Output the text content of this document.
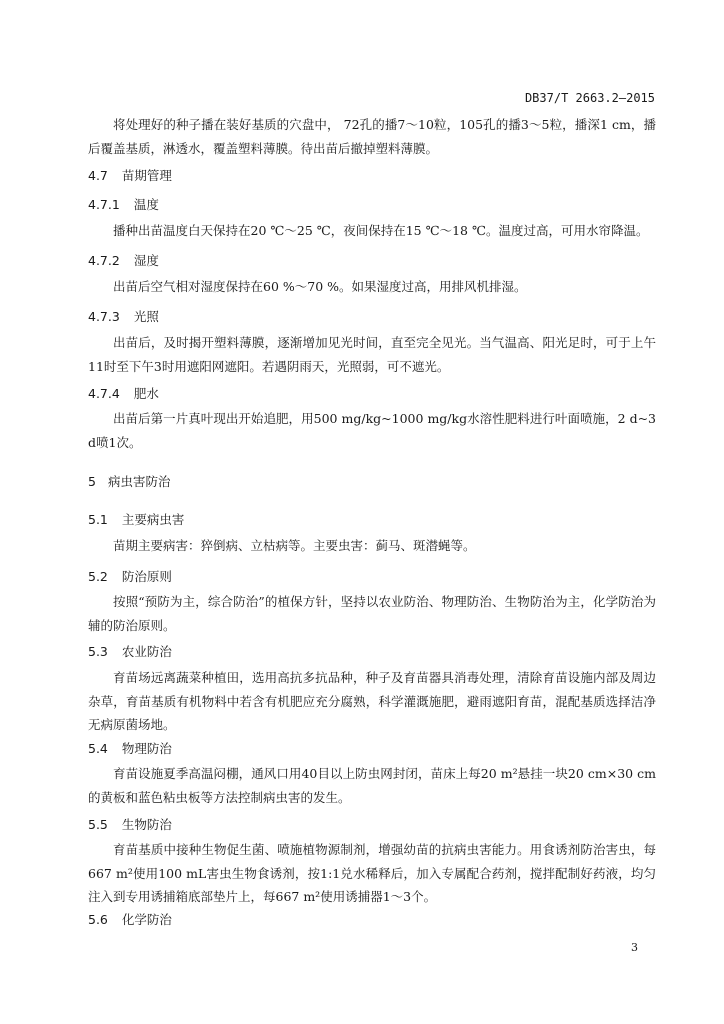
DB37/T 2663.2—2015
将处理好的种子播在装好基质的穴盘中， 72孔的播7～10粒，105孔的播3～5粒，播深1 cm，播后覆盖基质，淋透水，覆盖塑料薄膜。待出苗后撤掉塑料薄膜。
4.7 苗期管理
4.7.1 温度
播种出苗温度白天保持在20 ℃～25 ℃，夜间保持在15 ℃～18 ℃。温度过高，可用水帘降温。
4.7.2 湿度
出苗后空气相对湿度保持在60 %～70 %。如果湿度过高，用排风机排湿。
4.7.3 光照
出苗后，及时揭开塑料薄膜，逐渐增加见光时间，直至完全见光。当气温高、阳光足时，可于上午11时至下午3时用遮阳网遮阳。若遇阴雨天，光照弱，可不遮光。
4.7.4 肥水
出苗后第一片真叶现出开始追肥，用500 mg/kg~1000 mg/kg水溶性肥料进行叶面喷施，2 d~3 d喷1次。
5 病虫害防治
5.1 主要病虫害
苗期主要病害：猝倒病、立枯病等。主要虫害：蓟马、斑潜蝇等。
5.2 防治原则
按照“预防为主，综合防治”的植保方针，坚持以农业防治、物理防治、生物防治为主，化学防治为辅的防治原则。
5.3 农业防治
育苗场远离蔬菜种植田，选用高抗多抗品种，种子及育苗器具消毒处理，清除育苗设施内部及周边杂草，育苗基质有机物料中若含有机肥应充分腐熟，科学灌溉施肥，避雨遮阳育苗，混配基质选择洁净无病原菌场地。
5.4 物理防治
育苗设施夏季高温闷棚，通风口用40目以上防虫网封闭，苗床上每20 m²悬挂一块20 cm×30 cm的黄板和蓝色粘虫板等方法控制病虫害的发生。
5.5 生物防治
育苗基质中接种生物促生菌、喷施植物源制剂，增强幼苗的抗病虫害能力。用食诱剂防治害虫，每667 m²使用100 mL害虫生物食诱剂，按1:1兑水稀释后，加入专属配合药剂，搅拌配制好药液，均匀注入到专用诱捕箱底部垫片上，每667 m²使用诱捕器1～3个。
5.6 化学防治
3
